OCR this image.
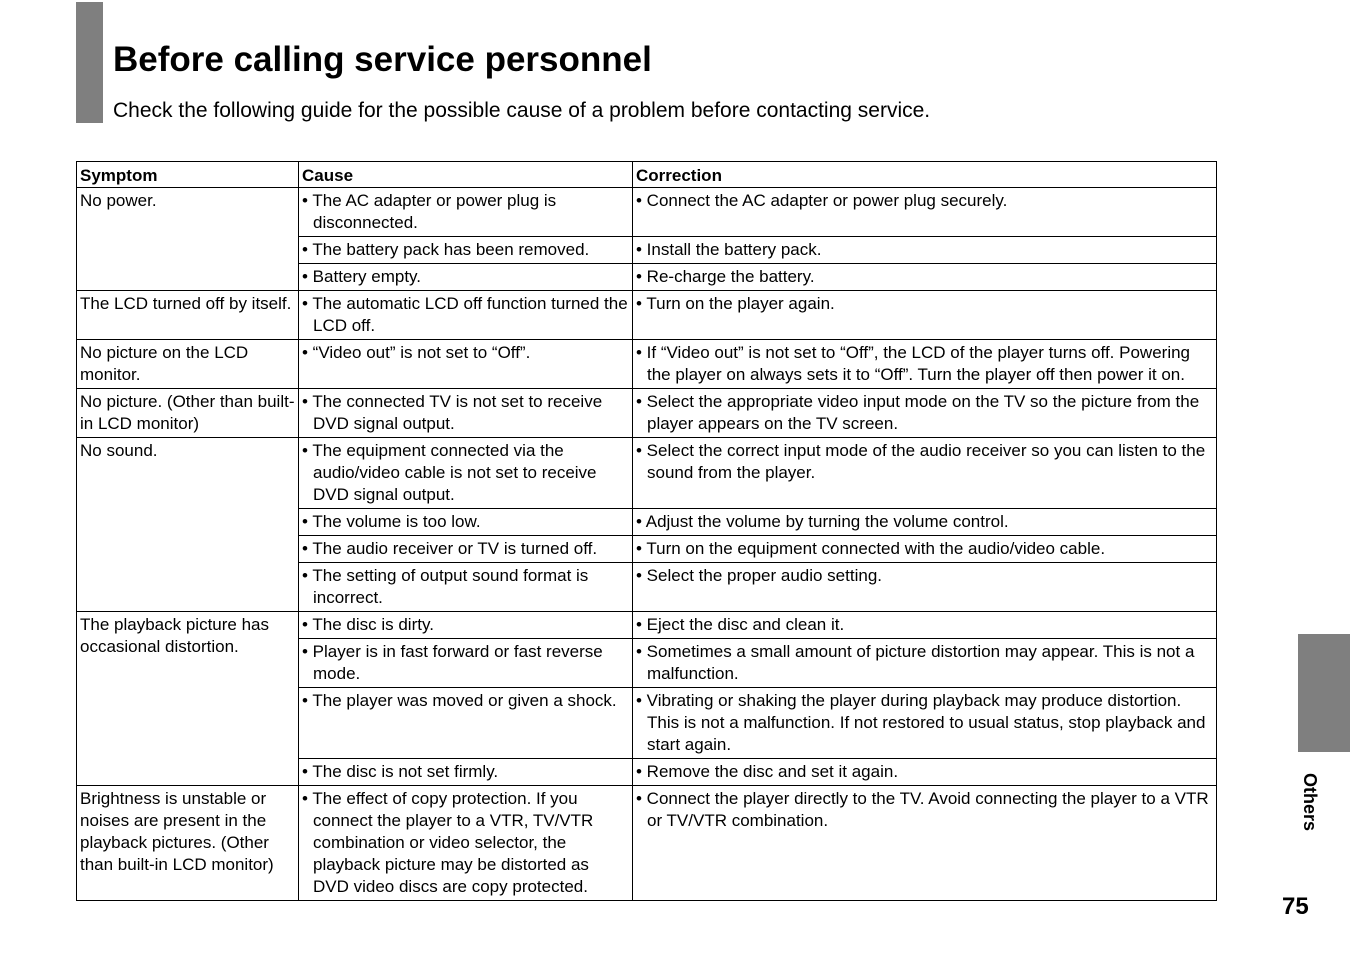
Before calling service personnel

Check the following guide for the possible cause of a problem before contacting service.

Symptom	Cause	Correction
No power.	• The AC adapter or power plug is disconnected.	• Connect the AC adapter or power plug securely.

	• The battery pack has been removed.	• Install the battery pack.

	• Battery empty.	• Re-charge the battery.

The LCD turned off by itself.	• The automatic LCD off function turned the LCD off.	• Turn on the player again.

No picture on the LCD monitor.	• “Video out” is not set to “Off”.	• If “Video out” is not set to “Off”, the LCD of the player turns off. Powering the player on always sets it to “Off”. Turn the player off then power it on.

No picture. (Other than built-in LCD monitor)	• The connected TV is not set to receive DVD signal output.	• Select the appropriate video input mode on the TV so the picture from the player appears on the TV screen.

No sound.	• The equipment connected via the audio/video cable is not set to receive DVD signal output.	• Select the correct input mode of the audio receiver so you can listen to the sound from the player.

	• The volume is too low.	• Adjust the volume by turning the volume control.

	• The audio receiver or TV is turned off.	• Turn on the equipment connected with the audio/video cable.

	• The setting of output sound format is incorrect.	• Select the proper audio setting.

The playback picture has occasional distortion.	• The disc is dirty.	• Eject the disc and clean it.

	• Player is in fast forward or fast reverse mode.	• Sometimes a small amount of picture distortion may appear. This is not a malfunction.

	• The player was moved or given a shock.	• Vibrating or shaking the player during playback may produce distortion. This is not a malfunction. If not restored to usual status, stop playback and start again.

	• The disc is not set firmly.	• Remove the disc and set it again.

Brightness is unstable or noises are present in the playback pictures. (Other than built-in LCD monitor)	• The effect of copy protection. If you connect the player to a VTR, TV/VTR combination or video selector, the playback picture may be distorted as DVD video discs are copy protected.	• Connect the player directly to the TV. Avoid connecting the player to a VTR or TV/VTR combination.	Others
75
